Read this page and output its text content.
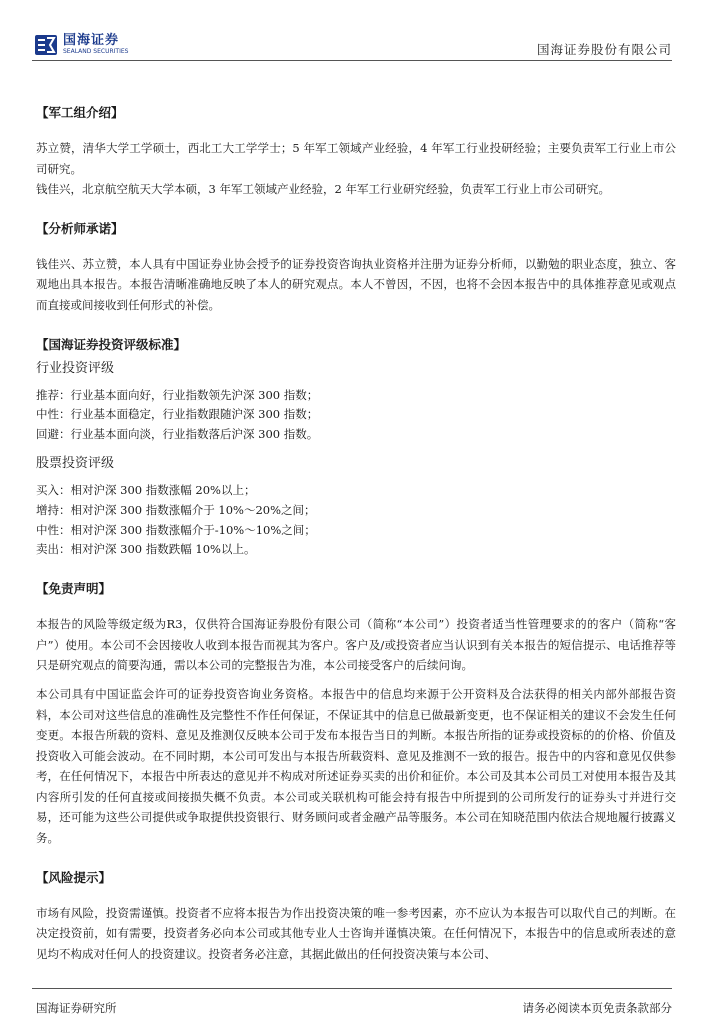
国海证券
SEALAND SECURITIES	国海证券股份有限公司
【军工组介绍】

苏立赞，清华大学工学硕士，西北工大工学学士；5 年军工领域产业经验，4 年军工行业投研经验；主要负责军工行业上市公司研究。

钱佳兴，北京航空航天大学本硕，3 年军工领域产业经验，2 年军工行业研究经验，负责军工行业上市公司研究。

【分析师承诺】

钱佳兴、苏立赞，本人具有中国证券业协会授予的证券投资咨询执业资格并注册为证券分析师，以勤勉的职业态度，独立、客观地出具本报告。本报告清晰准确地反映了本人的研究观点。本人不曾因，不因，也将不会因本报告中的具体推荐意见或观点而直接或间接收到任何形式的补偿。

【国海证券投资评级标准】
行业投资评级
推荐：行业基本面向好，行业指数领先沪深 300 指数；
中性：行业基本面稳定，行业指数跟随沪深 300 指数；
回避：行业基本面向淡，行业指数落后沪深 300 指数。
股票投资评级
买入：相对沪深 300 指数涨幅 20%以上；
增持：相对沪深 300 指数涨幅介于 10%～20%之间；
中性：相对沪深 300 指数涨幅介于-10%～10%之间；
卖出：相对沪深 300 指数跌幅 10%以上。
【免责声明】

本报告的风险等级定级为R3，仅供符合国海证券股份有限公司（简称“本公司”）投资者适当性管理要求的的客户（简称“客户”）使用。本公司不会因接收人收到本报告而视其为客户。客户及/或投资者应当认识到有关本报告的短信提示、电话推荐等只是研究观点的简要沟通，需以本公司的完整报告为准，本公司接受客户的后续问询。

本公司具有中国证监会许可的证券投资咨询业务资格。本报告中的信息均来源于公开资料及合法获得的相关内部外部报告资料，本公司对这些信息的准确性及完整性不作任何保证，不保证其中的信息已做最新变更，也不保证相关的建议不会发生任何变更。本报告所载的资料、意见及推测仅反映本公司于发布本报告当日的判断。本报告所指的证券或投资标的的价格、价值及投资收入可能会波动。在不同时期，本公司可发出与本报告所载资料、意见及推测不一致的报告。报告中的内容和意见仅供参考，在任何情况下，本报告中所表达的意见并不构成对所述证券买卖的出价和征价。本公司及其本公司员工对使用本报告及其内容所引发的任何直接或间接损失概不负责。本公司或关联机构可能会持有报告中所提到的公司所发行的证券头寸并进行交易，还可能为这些公司提供或争取提供投资银行、财务顾问或者金融产品等服务。本公司在知晓范围内依法合规地履行披露义务。

【风险提示】

市场有风险，投资需谨慎。投资者不应将本报告为作出投资决策的唯一参考因素，亦不应认为本报告可以取代自己的判断。在决定投资前，如有需要，投资者务必向本公司或其他专业人士咨询并谨慎决策。在任何情况下，本报告中的信息或所表述的意见均不构成对任何人的投资建议。投资者务必注意，其据此做出的任何投资决策与本公司、

国海证券研究所	请务必阅读本页免责条款部分
